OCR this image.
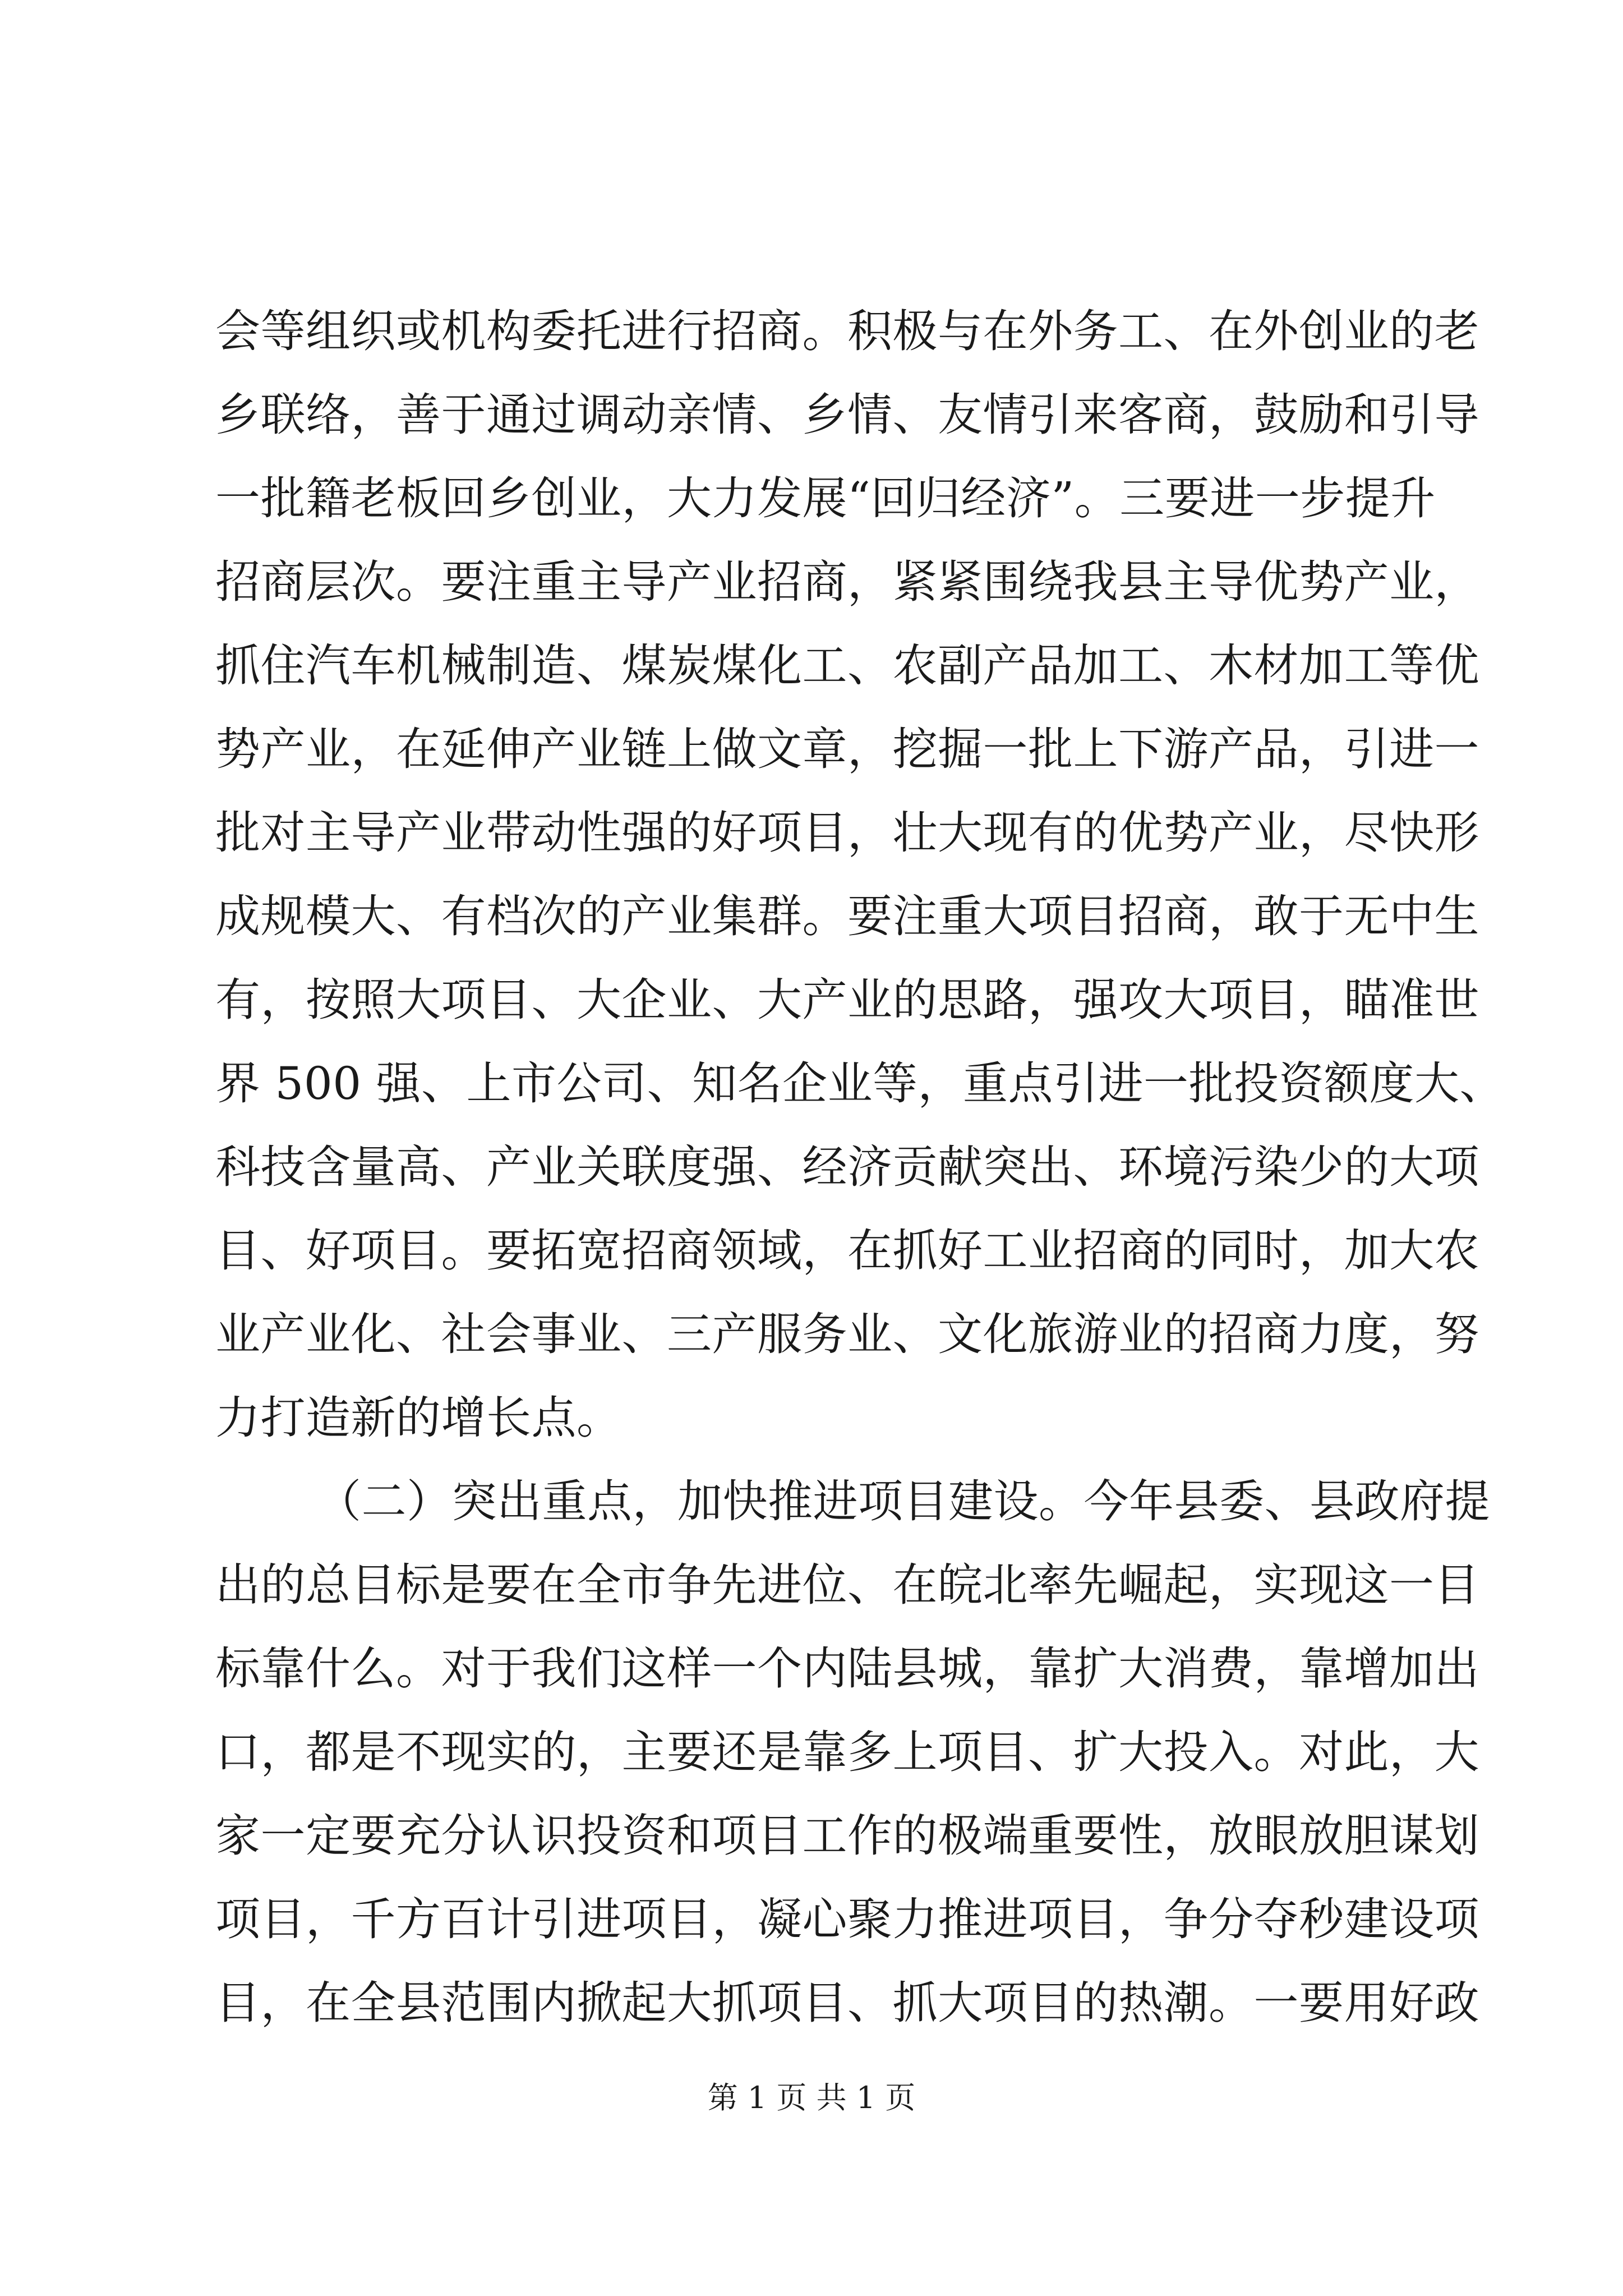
会等组织或机构委托进行招商。积极与在外务工、在外创业的老

乡联络，善于通过调动亲情、乡情、友情引来客商，鼓励和引导

一批籍老板回乡创业，大力发展“回归经济”。三要进一步提升

招商层次。要注重主导产业招商，紧紧围绕我县主导优势产业，

抓住汽车机械制造、煤炭煤化工、农副产品加工、木材加工等优

势产业，在延伸产业链上做文章，挖掘一批上下游产品，引进一

批对主导产业带动性强的好项目，壮大现有的优势产业，尽快形

成规模大、有档次的产业集群。要注重大项目招商，敢于无中生

有，按照大项目、大企业、大产业的思路，强攻大项目，瞄准世

界 500 强、上市公司、知名企业等，重点引进一批投资额度大、

科技含量高、产业关联度强、经济贡献突出、环境污染少的大项

目、好项目。要拓宽招商领域，在抓好工业招商的同时，加大农

业产业化、社会事业、三产服务业、文化旅游业的招商力度，努

力打造新的增长点。

（二）突出重点，加快推进项目建设。今年县委、县政府提

出的总目标是要在全市争先进位、在皖北率先崛起，实现这一目

标靠什么。对于我们这样一个内陆县城，靠扩大消费，靠增加出

口，都是不现实的，主要还是靠多上项目、扩大投入。对此，大

家一定要充分认识投资和项目工作的极端重要性，放眼放胆谋划

项目，千方百计引进项目，凝心聚力推进项目，争分夺秒建设项

目，在全县范围内掀起大抓项目、抓大项目的热潮。一要用好政

第 1 页 共 1 页
